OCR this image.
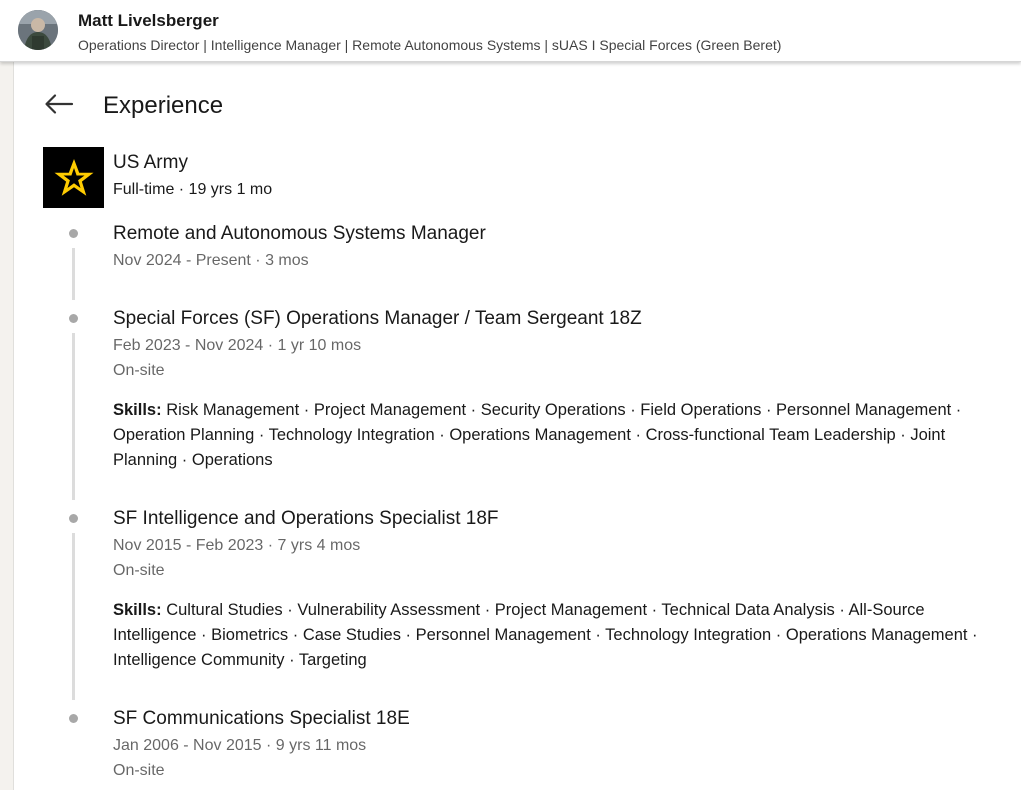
Matt Livelsberger
Operations Director | Intelligence Manager | Remote Autonomous Systems | sUAS I Special Forces (Green Beret)
Experience
US Army
Full-time · 19 yrs 1 mo
Remote and Autonomous Systems Manager
Nov 2024 - Present · 3 mos
Special Forces (SF) Operations Manager / Team Sergeant 18Z
Feb 2023 - Nov 2024 · 1 yr 10 mos
On-site
Skills: Risk Management · Project Management · Security Operations · Field Operations · Personnel Management · Operation Planning · Technology Integration · Operations Management · Cross-functional Team Leadership · Joint Planning · Operations
SF Intelligence and Operations Specialist 18F
Nov 2015 - Feb 2023 · 7 yrs 4 mos
On-site
Skills: Cultural Studies · Vulnerability Assessment · Project Management · Technical Data Analysis · All-Source Intelligence · Biometrics · Case Studies · Personnel Management · Technology Integration · Operations Management · Intelligence Community · Targeting
SF Communications Specialist 18E
Jan 2006 - Nov 2015 · 9 yrs 11 mos
On-site
